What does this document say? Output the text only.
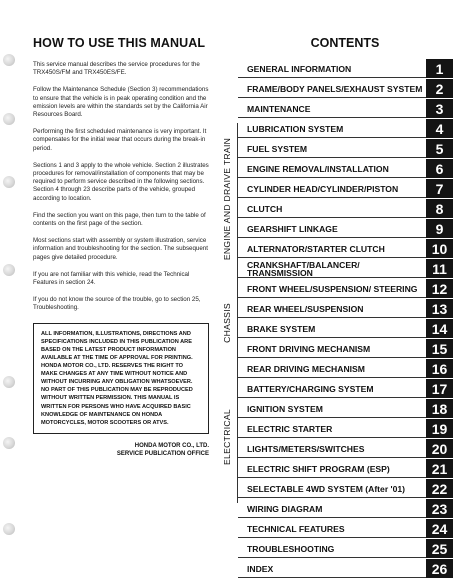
HOW TO USE THIS MANUAL

This service manual describes the service procedures for the TRX450S/FM and TRX450ES/FE.

Follow the Maintenance Schedule (Section 3) recommendations to ensure that the vehicle is in peak operating condition and the emission levels are within the standards set by the California Air Resources Board.

Performing the first scheduled maintenance is very important. It compensates for the initial wear that occurs during the break-in period.

Sections 1 and 3 apply to the whole vehicle. Section 2 illustrates procedures for removal/installation of components that may be required to perform service described in the following sections. Section 4 through 23 describe parts of the vehicle, grouped according to location.

Find the section you want on this page, then turn to the table of contents on the first page of the section.

Most sections start with assembly or system illustration, service information and troubleshooting for the section. The subsequent pages give detailed procedure.

If you are not familiar with this vehicle, read the Technical Features in section 24.

If you do not know the source of the trouble, go to section 25, Troubleshooting.

ALL INFORMATION, ILLUSTRATIONS, DIRECTIONS AND SPECIFICATIONS INCLUDED IN THIS PUBLICATION ARE BASED ON THE LATEST PRODUCT INFORMATION AVAILABLE AT THE TIME OF APPROVAL FOR PRINTING. HONDA MOTOR CO., LTD. RESERVES THE RIGHT TO MAKE CHANGES AT ANY TIME WITHOUT NOTICE AND WITHOUT INCURRING ANY OBLIGATION WHATSOEVER. NO PART OF THIS PUBLICATION MAY BE REPRODUCED WITHOUT WRITTEN PERMISSION. THIS MANUAL IS WRITTEN FOR PERSONS WHO HAVE ACQUIRED BASIC KNOWLEDGE OF MAINTENANCE ON HONDA MOTORCYCLES, MOTOR SCOOTERS OR ATVS.
HONDA MOTOR CO., LTD.
SERVICE PUBLICATION OFFICE
CONTENTS
ENGINE AND DRAIVE TRAIN
CHASSIS
ELECTRICAL
GENERAL INFORMATION	1
FRAME/BODY PANELS/EXHAUST SYSTEM 2
MAINTENANCE	3
LUBRICATION SYSTEM	4
FUEL SYSTEM	5
ENGINE REMOVAL/INSTALLATION	6
CYLINDER HEAD/CYLINDER/PISTON	7
CLUTCH	8
GEARSHIFT LINKAGE	9
ALTERNATOR/STARTER CLUTCH	10
CRANKSHAFT/BALANCER/ TRANSMISSION	11
FRONT WHEEL/SUSPENSION/ STEERING	12
REAR WHEEL/SUSPENSION	13
BRAKE SYSTEM	14
FRONT DRIVING MECHANISM	15
REAR DRIVING MECHANISM	16
BATTERY/CHARGING SYSTEM	17
IGNITION SYSTEM	18
ELECTRIC STARTER	19
LIGHTS/METERS/SWITCHES	20
ELECTRIC SHIFT PROGRAM (ESP)	21
SELECTABLE 4WD SYSTEM (After '01)	22
WIRING DIAGRAM	23
TECHNICAL FEATURES	24
TROUBLESHOOTING	25
INDEX	26
